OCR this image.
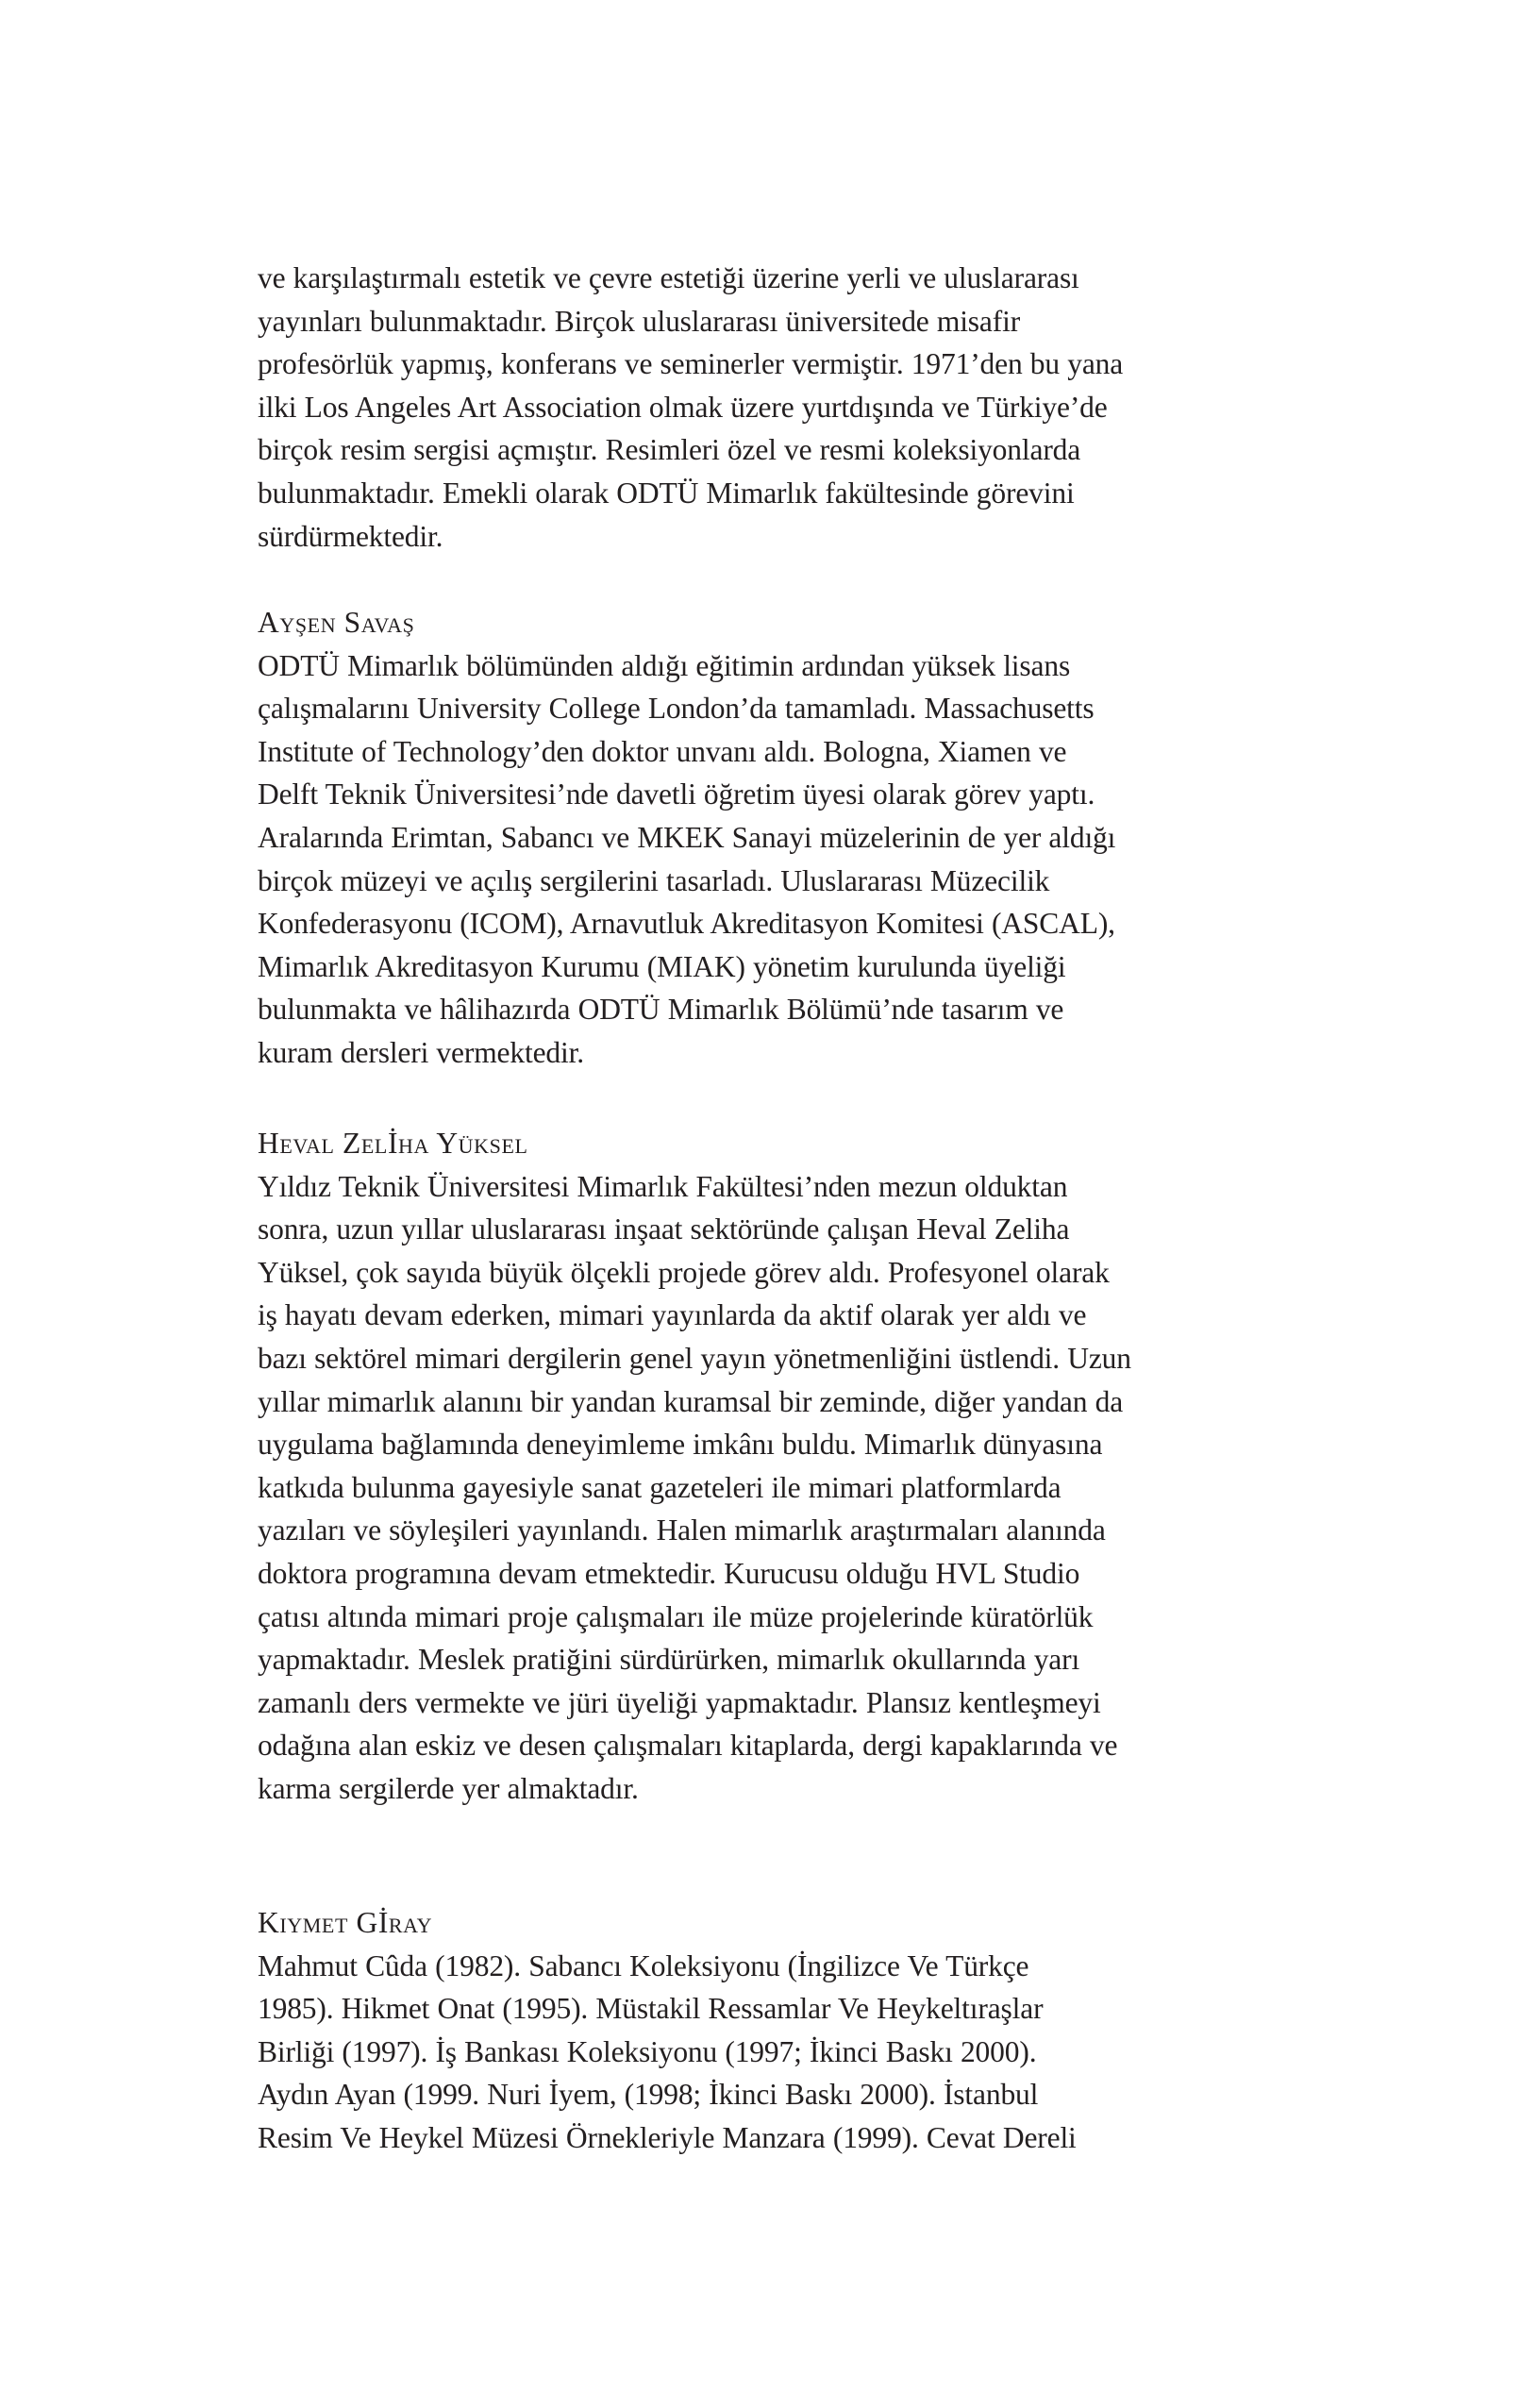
ve karşılaştırmalı estetik ve çevre estetiği üzerine yerli ve uluslararası
yayınları bulunmaktadır. Birçok uluslararası üniversitede misafir
profesörlük yapmış, konferans ve seminerler vermiştir. 1971’den bu yana
ilki Los Angeles Art Association olmak üzere yurtdışında ve Türkiye’de
birçok resim sergisi açmıştır. Resimleri özel ve resmi koleksiyonlarda
bulunmaktadır. Emekli olarak ODTÜ Mimarlık fakültesinde görevini
sürdürmektedir.
Ayşen Savaş
ODTÜ Mimarlık bölümünden aldığı eğitimin ardından yüksek lisans
çalışmalarını University College London’da tamamladı. Massachusetts
Institute of Technology’den doktor unvanı aldı. Bologna, Xiamen ve
Delft Teknik Üniversitesi’nde davetli öğretim üyesi olarak görev yaptı.
Aralarında Erimtan, Sabancı ve MKEK Sanayi müzelerinin de yer aldığı
birçok müzeyi ve açılış sergilerini tasarladı. Uluslararası Müzecilik
Konfederasyonu (ICOM), Arnavutluk Akreditasyon Komitesi (ASCAL),
Mimarlık Akreditasyon Kurumu (MIAK) yönetim kurulunda üyeliği
bulunmakta ve hâlihazırda ODTÜ Mimarlık Bölümü’nde tasarım ve
kuram dersleri vermektedir.
Heval Zelİha Yüksel
Yıldız Teknik Üniversitesi Mimarlık Fakültesi’nden mezun olduktan
sonra, uzun yıllar uluslararası inşaat sektöründe çalışan Heval Zeliha
Yüksel, çok sayıda büyük ölçekli projede görev aldı. Profesyonel olarak
iş hayatı devam ederken, mimari yayınlarda da aktif olarak yer aldı ve
bazı sektörel mimari dergilerin genel yayın yönetmenliğini üstlendi. Uzun
yıllar mimarlık alanını bir yandan kuramsal bir zeminde, diğer yandan da
uygulama bağlamında deneyimleme imkânı buldu. Mimarlık dünyasına
katkıda bulunma gayesiyle sanat gazeteleri ile mimari platformlarda
yazıları ve söyleşileri yayınlandı. Halen mimarlık araştırmaları alanında
doktora programına devam etmektedir. Kurucusu olduğu HVL Studio
çatısı altında mimari proje çalışmaları ile müze projelerinde küratörlük
yapmaktadır. Meslek pratiğini sürdürürken, mimarlık okullarında yarı
zamanlı ders vermekte ve jüri üyeliği yapmaktadır. Plansız kentleşmeyi
odağına alan eskiz ve desen çalışmaları kitaplarda, dergi kapaklarında ve
karma sergilerde yer almaktadır.
Kıymet Gİray
Mahmut Cûda (1982). Sabancı Koleksiyonu (İngilizce Ve Türkçe
1985). Hikmet Onat (1995). Müstakil Ressamlar Ve Heykeltıraşlar
Birliği (1997). İş Bankası Koleksiyonu (1997; İkinci Baskı 2000).
Aydın Ayan (1999. Nuri İyem, (1998; İkinci Baskı 2000). İstanbul
Resim Ve Heykel Müzesi Örnekleriyle Manzara (1999). Cevat Dereli
